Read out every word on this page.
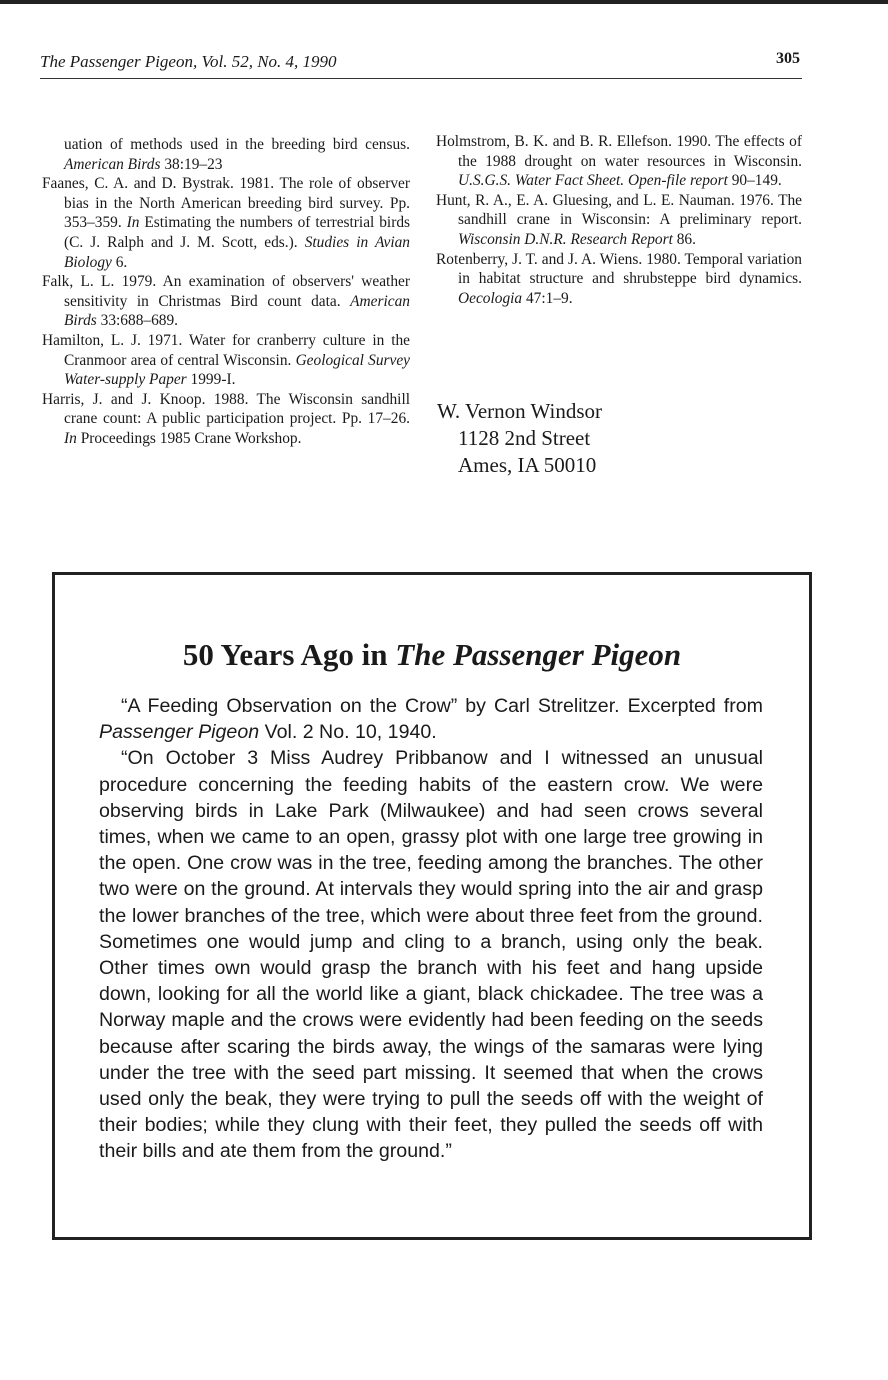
The Passenger Pigeon, Vol. 52, No. 4, 1990	305
uation of methods used in the breeding bird census. American Birds 38:19–23
Faanes, C. A. and D. Bystrak. 1981. The role of observer bias in the North American breeding bird survey. Pp. 353–359. In Estimating the numbers of terrestrial birds (C. J. Ralph and J. M. Scott, eds.). Studies in Avian Biology 6.
Falk, L. L. 1979. An examination of observers' weather sensitivity in Christmas Bird count data. American Birds 33:688–689.
Hamilton, L. J. 1971. Water for cranberry culture in the Cranmoor area of central Wisconsin. Geological Survey Water-supply Paper 1999-I.
Harris, J. and J. Knoop. 1988. The Wisconsin sandhill crane count: A public participation project. Pp. 17–26. In Proceedings 1985 Crane Workshop.
Holmstrom, B. K. and B. R. Ellefson. 1990. The effects of the 1988 drought on water resources in Wisconsin. U.S.G.S. Water Fact Sheet. Open-file report 90–149.
Hunt, R. A., E. A. Gluesing, and L. E. Nauman. 1976. The sandhill crane in Wisconsin: A preliminary report. Wisconsin D.N.R. Research Report 86.
Rotenberry, J. T. and J. A. Wiens. 1980. Temporal variation in habitat structure and shrubsteppe bird dynamics. Oecologia 47:1–9.
W. Vernon Windsor
1128 2nd Street
Ames, IA 50010
50 Years Ago in The Passenger Pigeon

“A Feeding Observation on the Crow” by Carl Strelitzer. Excerpted from Passenger Pigeon Vol. 2 No. 10, 1940.

“On October 3 Miss Audrey Pribbanow and I witnessed an unusual procedure concerning the feeding habits of the eastern crow. We were observing birds in Lake Park (Milwaukee) and had seen crows several times, when we came to an open, grassy plot with one large tree growing in the open. One crow was in the tree, feeding among the branches. The other two were on the ground. At intervals they would spring into the air and grasp the lower branches of the tree, which were about three feet from the ground. Sometimes one would jump and cling to a branch, using only the beak. Other times own would grasp the branch with his feet and hang upside down, looking for all the world like a giant, black chickadee. The tree was a Norway maple and the crows were evidently had been feeding on the seeds because after scaring the birds away, the wings of the samaras were lying under the tree with the seed part missing. It seemed that when the crows used only the beak, they were trying to pull the seeds off with the weight of their bodies; while they clung with their feet, they pulled the seeds off with their bills and ate them from the ground.”
